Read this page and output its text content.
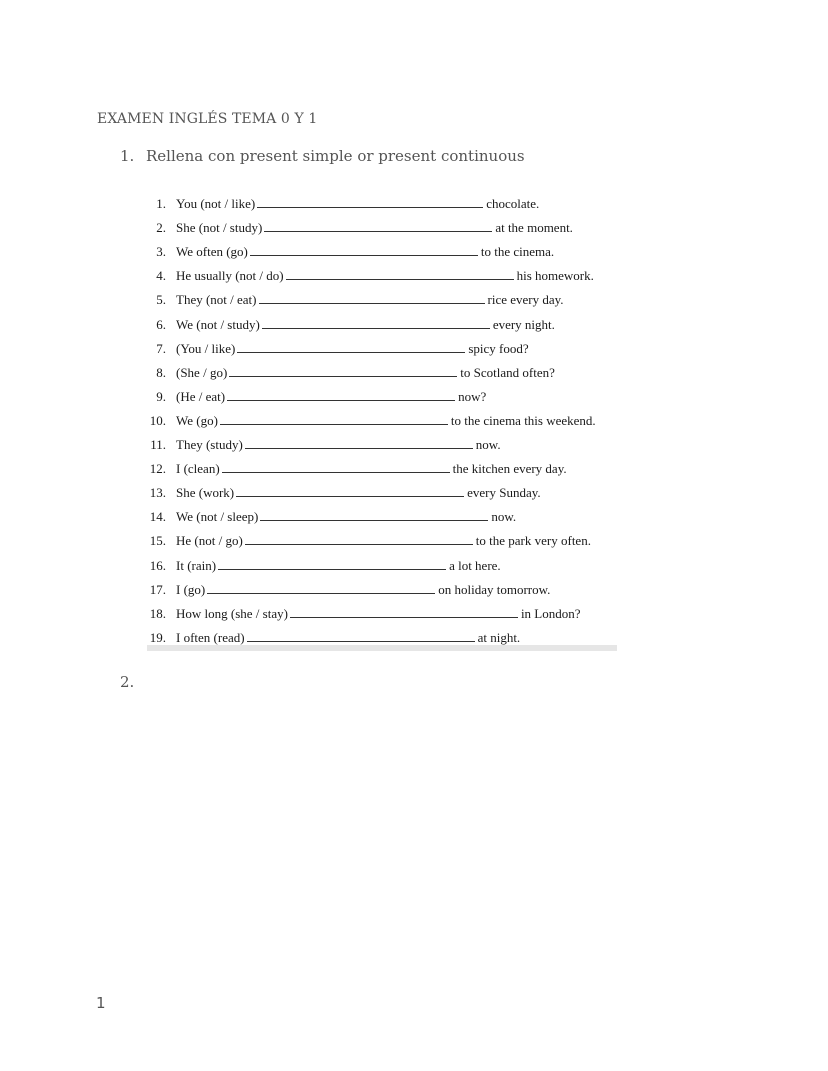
EXAMEN INGLÉS TEMA 0 Y 1
1. Rellena con present simple or present continuous
1. You (not / like)	chocolate.
2. She (not / study)	at the moment.
3. We often (go)	to the cinema.
4. He usually (not / do)	his homework.
5. They (not / eat)	rice every day.
6. We (not / study)	every night.
7. (You / like)	spicy food?
8. (She / go)	to Scotland often?
9. (He / eat)	now?
10. We (go)	to the cinema this weekend.
11. They (study)	now.
12. I (clean)	the kitchen every day.
13. She (work)	every Sunday.
14. We (not / sleep)	now.
15. He (not / go)	to the park very often.
16. It (rain)	a lot here.
17. I (go)	on holiday tomorrow.
18. How long (she / stay)	in London?
19. I often (read)	at night.
2.
1
